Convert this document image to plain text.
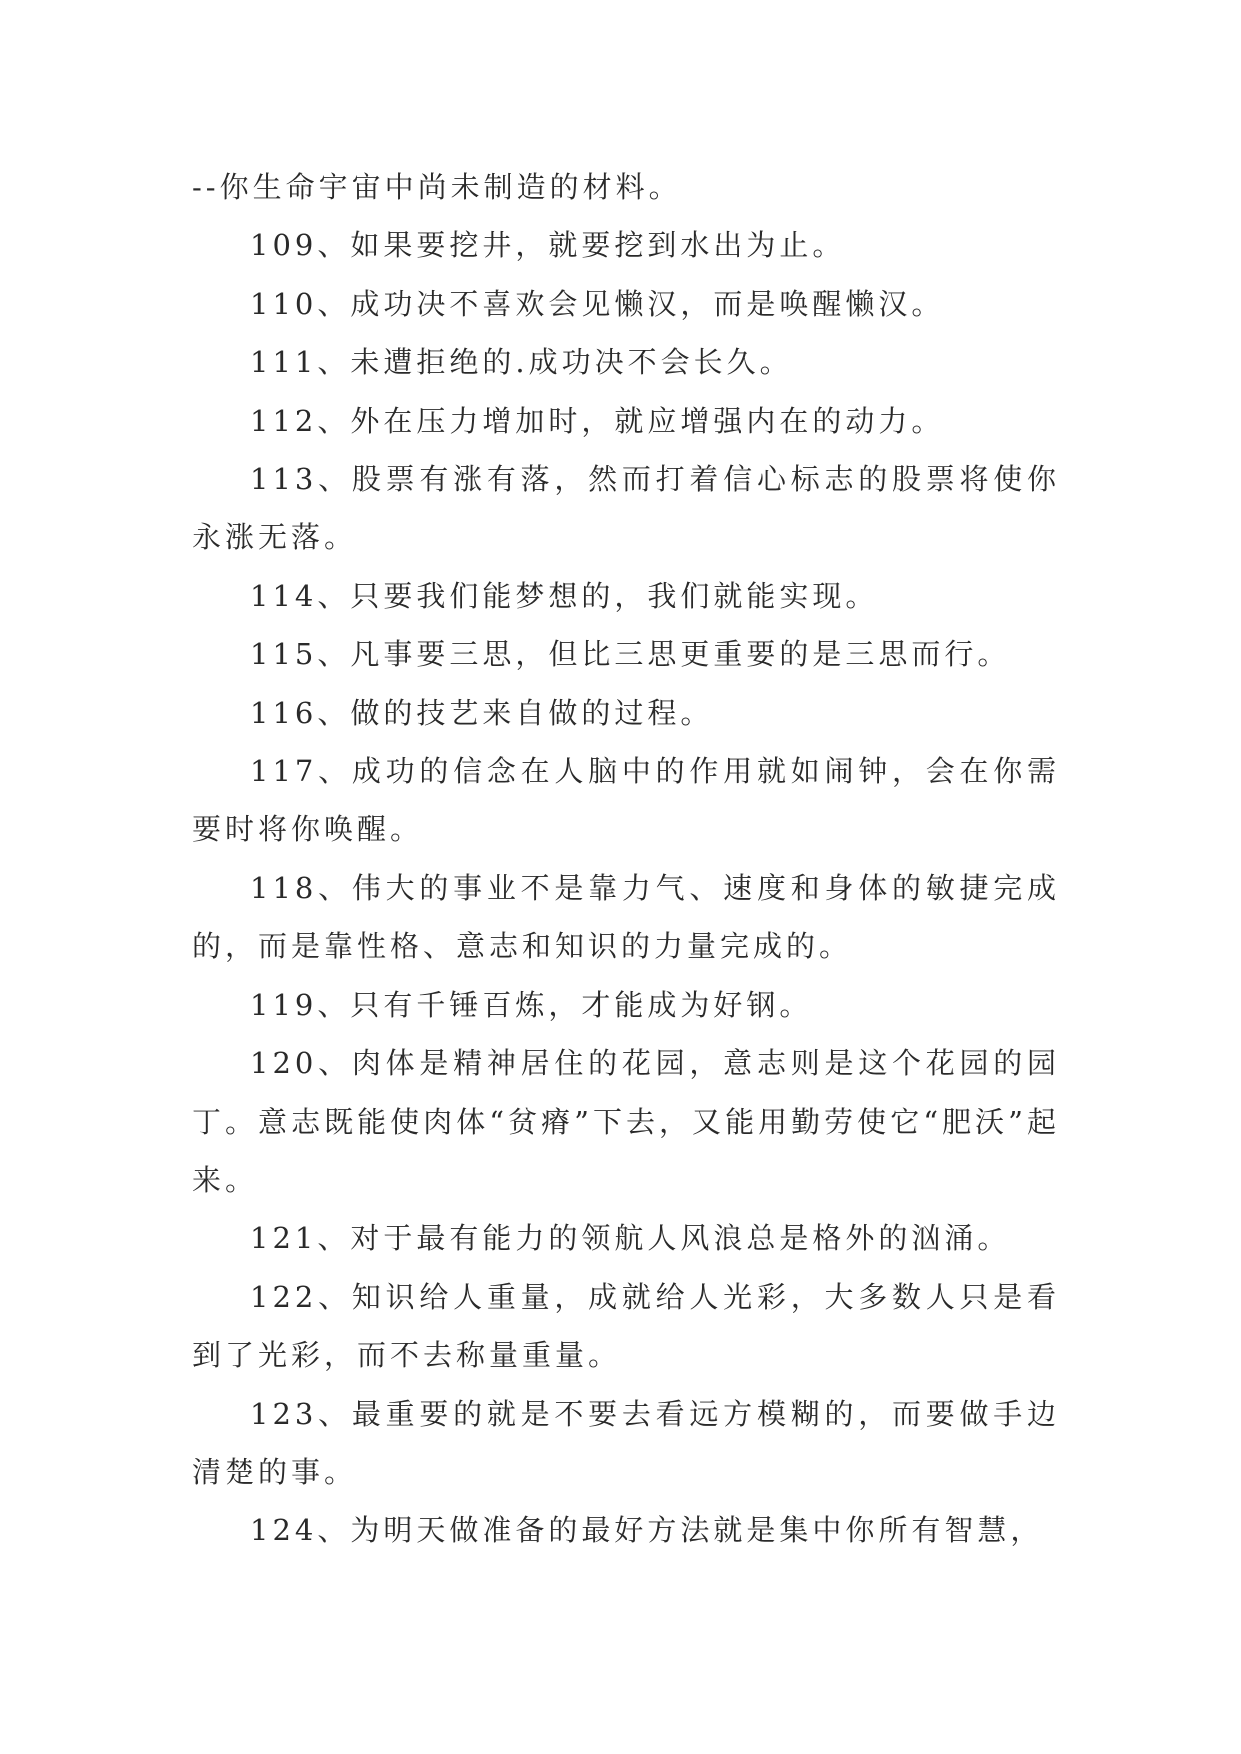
--你生命宇宙中尚未制造的材料。

109、如果要挖井，就要挖到水出为止。

110、成功决不喜欢会见懒汉，而是唤醒懒汉。

111、未遭拒绝的.成功决不会长久。

112、外在压力增加时，就应增强内在的动力。

113、股票有涨有落，然而打着信心标志的股票将使你永涨无落。

114、只要我们能梦想的，我们就能实现。

115、凡事要三思，但比三思更重要的是三思而行。

116、做的技艺来自做的过程。

117、成功的信念在人脑中的作用就如闹钟，会在你需要时将你唤醒。

118、伟大的事业不是靠力气、速度和身体的敏捷完成的，而是靠性格、意志和知识的力量完成的。

119、只有千锤百炼，才能成为好钢。

120、肉体是精神居住的花园，意志则是这个花园的园丁。意志既能使肉体“贫瘠”下去，又能用勤劳使它“肥沃”起来。

121、对于最有能力的领航人风浪总是格外的汹涌。

122、知识给人重量，成就给人光彩，大多数人只是看到了光彩，而不去称量重量。

123、最重要的就是不要去看远方模糊的，而要做手边清楚的事。

124、为明天做准备的最好方法就是集中你所有智慧，
